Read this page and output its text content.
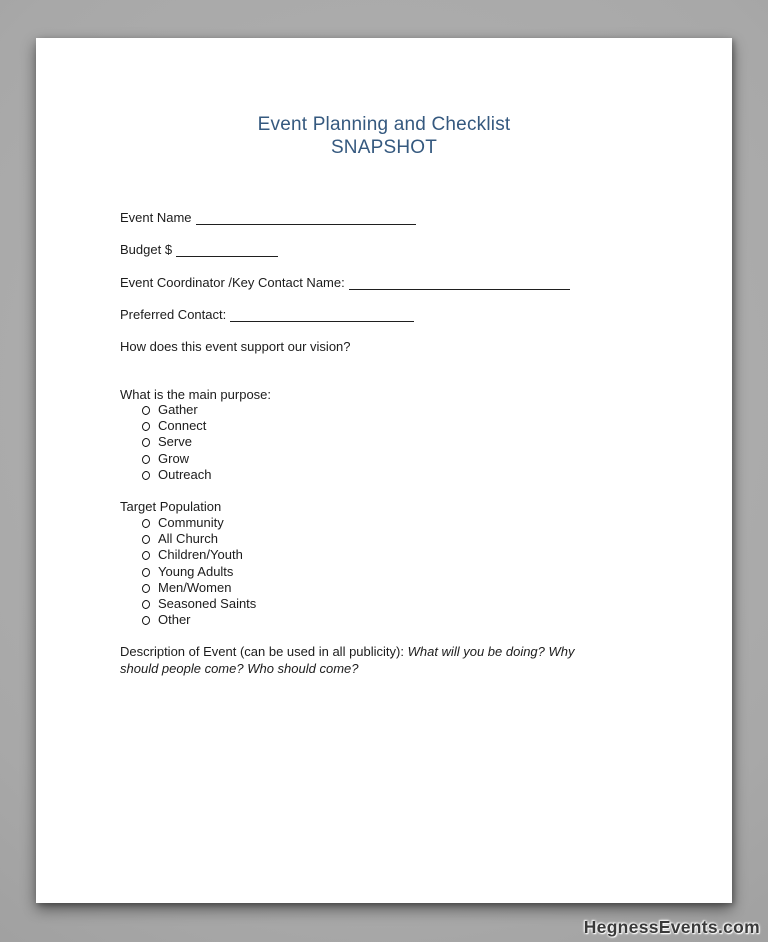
Event Planning and Checklist
SNAPSHOT
Event Name
Budget $
Event Coordinator /Key Contact Name:
Preferred Contact:
How does this event support our vision?
What is the main purpose:
Gather
Connect
Serve
Grow
Outreach
Target Population
Community
All Church
Children/Youth
Young Adults
Men/Women
Seasoned Saints
Other
Description of Event (can be used in all publicity): What will you be doing? Why should people come? Who should come?
HegnessEvents.com
